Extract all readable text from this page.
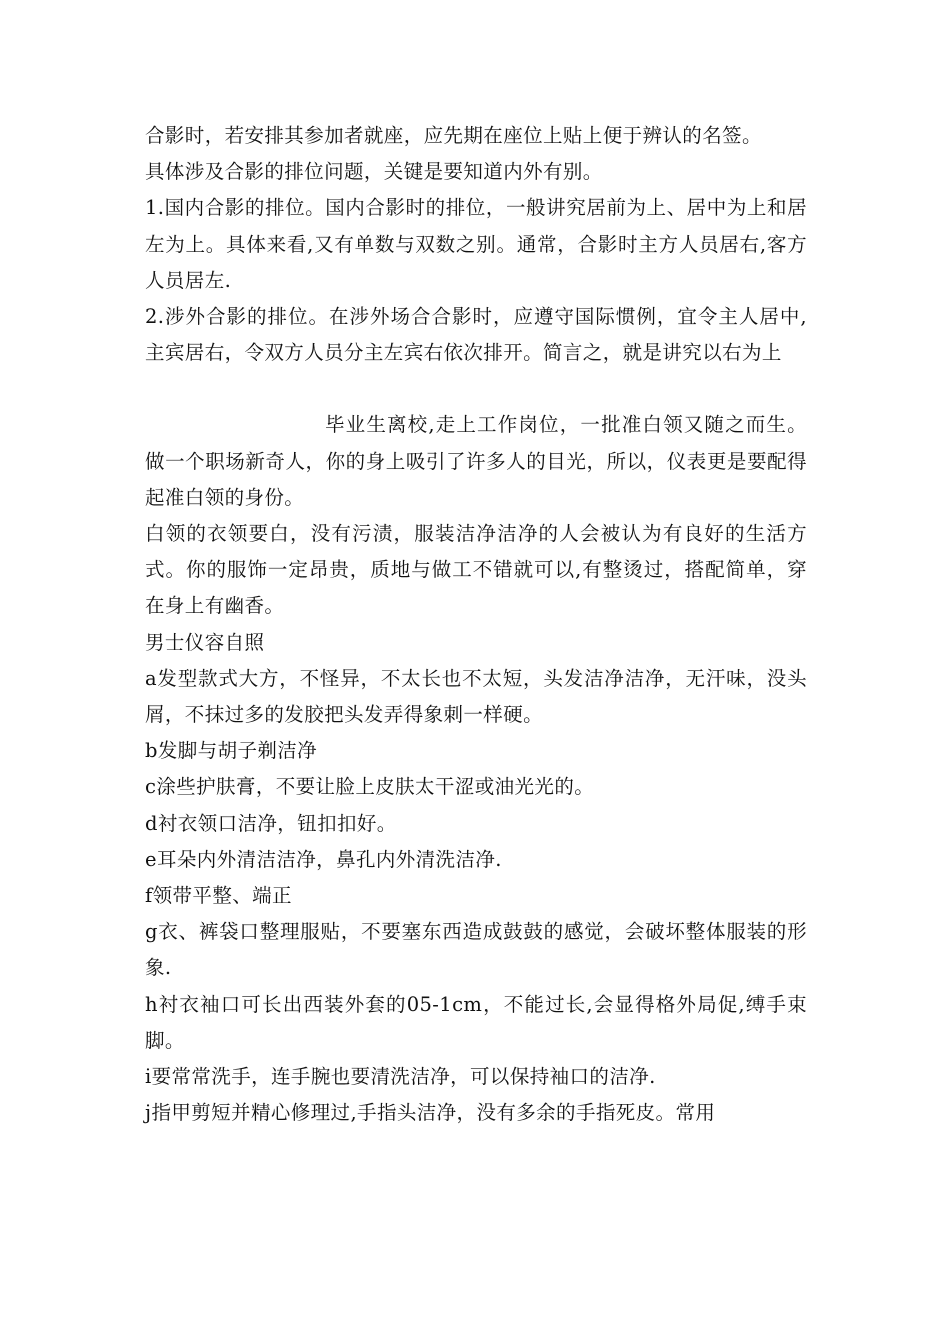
合影时，若安排其参加者就座，应先期在座位上贴上便于辨认的名签。

具体涉及合影的排位问题，关键是要知道内外有别。

1.国内合影的排位。国内合影时的排位，一般讲究居前为上、居中为上和居左为上。具体来看,又有单数与双数之别。通常，合影时主方人员居右,客方人员居左.

2.涉外合影的排位。在涉外场合合影时，应遵守国际惯例，宜令主人居中,主宾居右，令双方人员分主左宾右依次排开。简言之，就是讲究以右为上

毕业生离校,走上工作岗位，一批准白领又随之而生。做一个职场新奇人，你的身上吸引了许多人的目光，所以，仪表更是要配得起准白领的身份。

白领的衣领要白，没有污渍，服装洁净洁净的人会被认为有良好的生活方式。你的服饰一定昂贵，质地与做工不错就可以,有整烫过，搭配简单，穿在身上有幽香。

男士仪容自照

a发型款式大方，不怪异，不太长也不太短，头发洁净洁净，无汗味，没头屑，不抹过多的发胶把头发弄得象刺一样硬。

b发脚与胡子剃洁净

c涂些护肤膏，不要让脸上皮肤太干涩或油光光的。

d衬衣领口洁净，钮扣扣好。

e耳朵内外清洁洁净，鼻孔内外清洗洁净.

f领带平整、端正

g衣、裤袋口整理服贴，不要塞东西造成鼓鼓的感觉，会破坏整体服装的形象.

h衬衣袖口可长出西装外套的05-1cm，不能过长,会显得格外局促,缚手束脚。

i要常常洗手，连手腕也要清洗洁净，可以保持袖口的洁净.

j指甲剪短并精心修理过,手指头洁净，没有多余的手指死皮。常用
